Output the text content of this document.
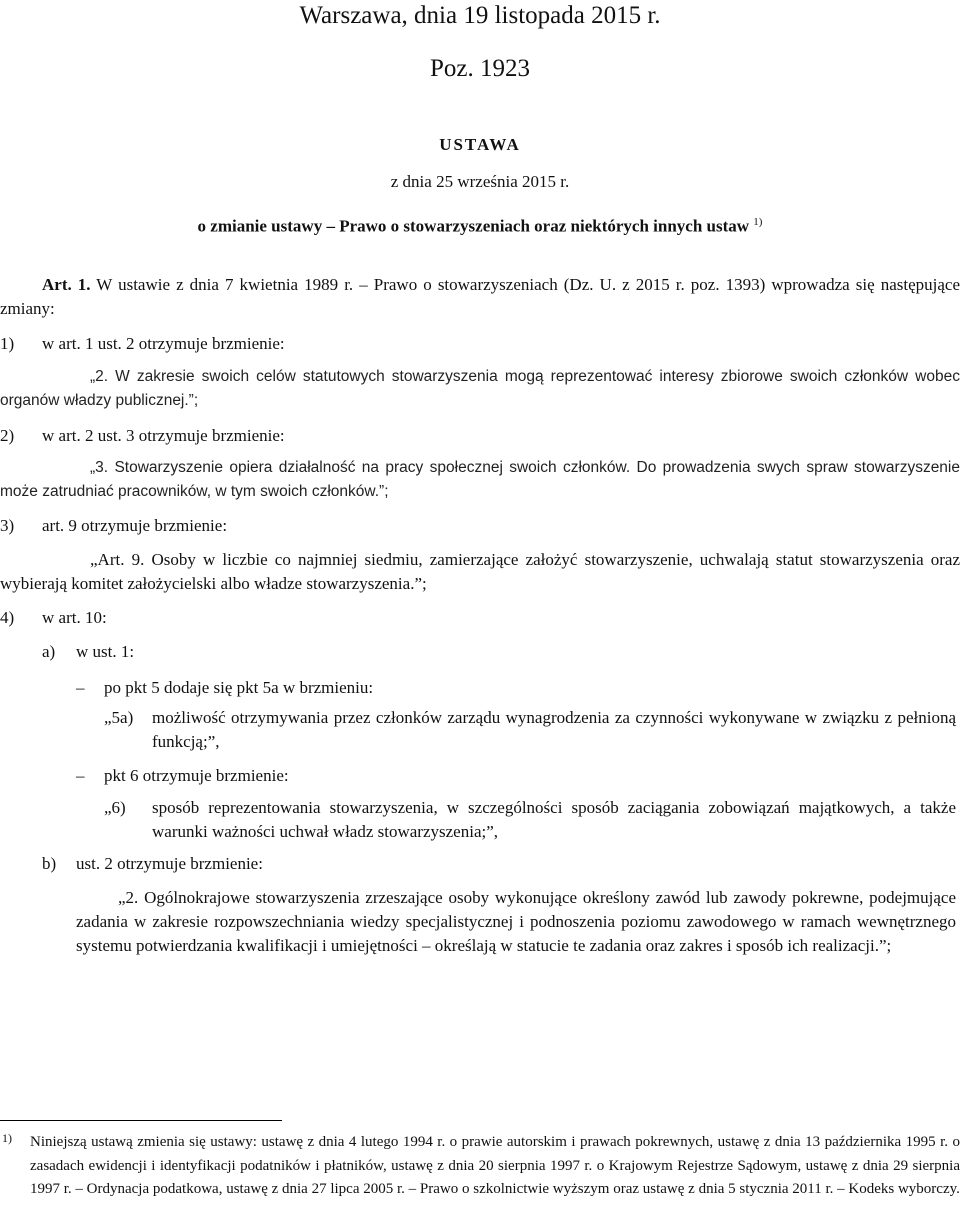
Warszawa, dnia 19 listopada 2015 r.
Poz. 1923
USTAWA
z dnia 25 września 2015 r.
o zmianie ustawy – Prawo o stowarzyszeniach oraz niektórych innych ustaw $^{1)}$
Art. 1. W ustawie z dnia 7 kwietnia 1989 r. – Prawo o stowarzyszeniach (Dz. U. z 2015 r. poz. 1393) wprowadza się następujące zmiany:
1) w art. 1 ust. 2 otrzymuje brzmienie:
„2. W zakresie swoich celów statutowych stowarzyszenia mogą reprezentować interesy zbiorowe swoich członków wobec organów władzy publicznej.”;
2) w art. 2 ust. 3 otrzymuje brzmienie:
„3. Stowarzyszenie opiera działalność na pracy społecznej swoich członków. Do prowadzenia swych spraw stowarzyszenie może zatrudniać pracowników, w tym swoich członków.”;
3) art. 9 otrzymuje brzmienie:
„Art. 9. Osoby w liczbie co najmniej siedmiu, zamierzające założyć stowarzyszenie, uchwalają statut stowarzyszenia oraz wybierają komitet założycielski albo władze stowarzyszenia.”;
4) w art. 10:
a) w ust. 1:
– po pkt 5 dodaje się pkt 5a w brzmieniu:
„5a) możliwość otrzymywania przez członków zarządu wynagrodzenia za czynności wykonywane w związku z pełnioną funkcją;”,
– pkt 6 otrzymuje brzmienie:
„6) sposób reprezentowania stowarzyszenia, w szczególności sposób zaciągania zobowiązań majątkowych, a także warunki ważności uchwał władz stowarzyszenia;”,
b) ust. 2 otrzymuje brzmienie:
„2. Ogólnokrajowe stowarzyszenia zrzeszające osoby wykonujące określony zawód lub zawody pokrewne, podejmujące zadania w zakresie rozpowszechniania wiedzy specjalistycznej i podnoszenia poziomu zawodowego w ramach wewnętrznego systemu potwierdzania kwalifikacji i umiejętności – określają w statucie te zadania oraz zakres i sposób ich realizacji.”;
1) Niniejszą ustawą zmienia się ustawy: ustawę z dnia 4 lutego 1994 r. o prawie autorskim i prawach pokrewnych, ustawę z dnia 13 października 1995 r. o zasadach ewidencji i identyfikacji podatników i płatników, ustawę z dnia 20 sierpnia 1997 r. o Krajowym Rejestrze Sądowym, ustawę z dnia 29 sierpnia 1997 r. – Ordynacja podatkowa, ustawę z dnia 27 lipca 2005 r. – Prawo o szkolnictwie wyższym oraz ustawę z dnia 5 stycznia 2011 r. – Kodeks wyborczy.
